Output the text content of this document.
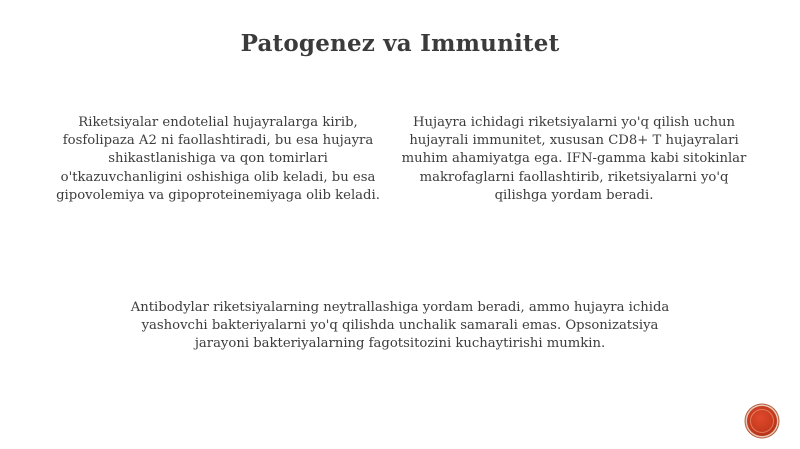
Patogenez va Immunitet
Riketsiyalar endotelial hujayralarga kirib, fosfolipaza A2 ni faollashtiradi, bu esa hujayra shikastlanishiga va qon tomirlari o'tkazuvchanligini oshishiga olib keladi, bu esa gipovolemiya va gipoproteinemiyaga olib keladi.
Hujayra ichidagi riketsiyalarni yo'q qilish uchun hujayrali immunitet, xususan CD8+ T hujayralari muhim ahamiyatga ega. IFN-gamma kabi sitokinlar makrofaglarni faollashtirib, riketsiyalarni yo'q qilishga yordam beradi.
Antibodylar riketsiyalarning neytrallashiga yordam beradi, ammo hujayra ichida yashovchi bakteriyalarni yo'q qilishda unchalik samarali emas. Opsonizatsiya jarayoni bakteriyalarning fagotsitozini kuchaytirishi mumkin.
